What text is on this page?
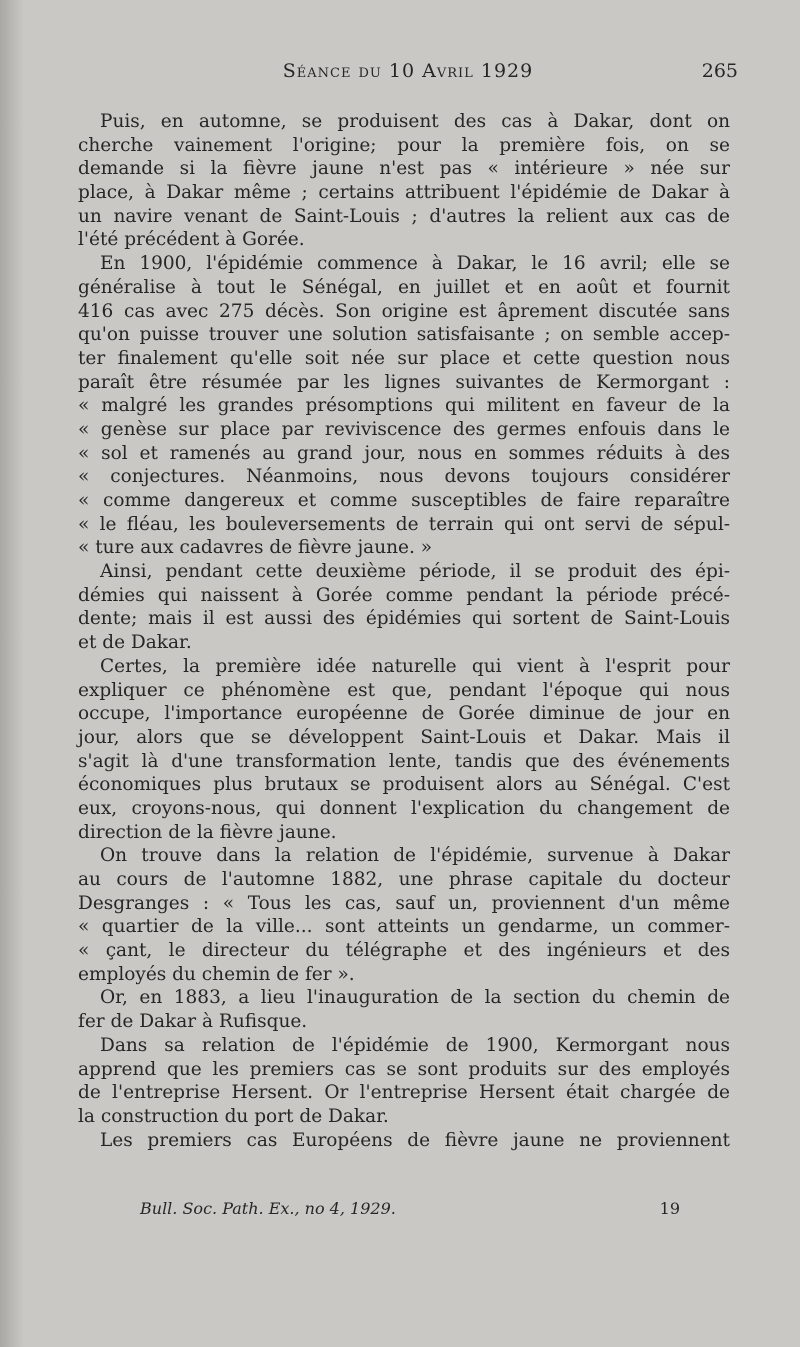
Séance du 10 Avril 1929	265
Puis, en automne, se produisent des cas à Dakar, dont on
cherche vainement l'origine; pour la première fois, on se
demande si la fièvre jaune n'est pas « intérieure » née sur
place, à Dakar même ; certains attribuent l'épidémie de Dakar à
un navire venant de Saint-Louis ; d'autres la relient aux cas de
l'été précédent à Gorée.
En 1900, l'épidémie commence à Dakar, le 16 avril; elle se
généralise à tout le Sénégal, en juillet et en août et fournit
416 cas avec 275 décès. Son origine est âprement discutée sans
qu'on puisse trouver une solution satisfaisante ; on semble accep-
ter finalement qu'elle soit née sur place et cette question nous
paraît être résumée par les lignes suivantes de Kermorgant :
« malgré les grandes présomptions qui militent en faveur de la
« genèse sur place par reviviscence des germes enfouis dans le
« sol et ramenés au grand jour, nous en sommes réduits à des
« conjectures. Néanmoins, nous devons toujours considérer
« comme dangereux et comme susceptibles de faire reparaître
« le fléau, les bouleversements de terrain qui ont servi de sépul-
« ture aux cadavres de fièvre jaune. »
Ainsi, pendant cette deuxième période, il se produit des épi-
démies qui naissent à Gorée comme pendant la période précé-
dente; mais il est aussi des épidémies qui sortent de Saint-Louis
et de Dakar.
Certes, la première idée naturelle qui vient à l'esprit pour
expliquer ce phénomène est que, pendant l'époque qui nous
occupe, l'importance européenne de Gorée diminue de jour en
jour, alors que se développent Saint-Louis et Dakar. Mais il
s'agit là d'une transformation lente, tandis que des événements
économiques plus brutaux se produisent alors au Sénégal. C'est
eux, croyons-nous, qui donnent l'explication du changement de
direction de la fièvre jaune.
On trouve dans la relation de l'épidémie, survenue à Dakar
au cours de l'automne 1882, une phrase capitale du docteur
Desgranges : « Tous les cas, sauf un, proviennent d'un même
« quartier de la ville... sont atteints un gendarme, un commer-
« çant, le directeur du télégraphe et des ingénieurs et des
employés du chemin de fer ».
Or, en 1883, a lieu l'inauguration de la section du chemin de
fer de Dakar à Rufisque.
Dans sa relation de l'épidémie de 1900, Kermorgant nous
apprend que les premiers cas se sont produits sur des employés
de l'entreprise Hersent. Or l'entreprise Hersent était chargée de
la construction du port de Dakar.
Les premiers cas Européens de fièvre jaune ne proviennent
Bull. Soc. Path. Ex., no 4, 1929.	19
